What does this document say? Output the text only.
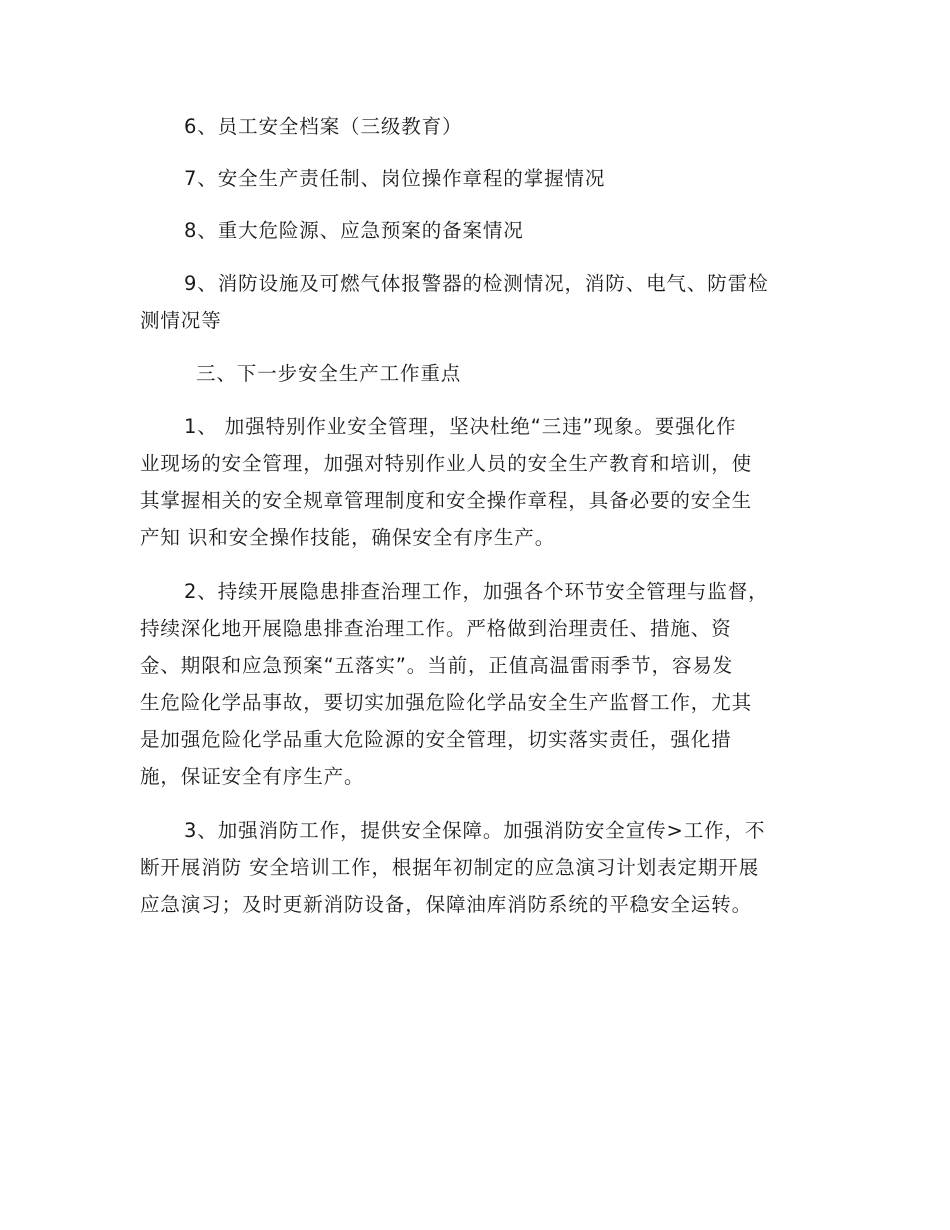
6、员工安全档案（三级教育）
7、安全生产责任制、岗位操作章程的掌握情况
8、重大危险源、应急预案的备案情况
9、消防设施及可燃气体报警器的检测情况，消防、电气、防雷检
测情况等
三、下一步安全生产工作重点
1、 加强特别作业安全管理，坚决杜绝“三违”现象。要强化作
业现场的安全管理，加强对特别作业人员的安全生产教育和培训，使
其掌握相关的安全规章管理制度和安全操作章程，具备必要的安全生
产知 识和安全操作技能，确保安全有序生产。
2、持续开展隐患排查治理工作，加强各个环节安全管理与监督，
持续深化地开展隐患排查治理工作。严格做到治理责任、措施、资
金、期限和应急预案“五落实”。当前，正值高温雷雨季节，容易发
生危险化学品事故，要切实加强危险化学品安全生产监督工作，尤其
是加强危险化学品重大危险源的安全管理，切实落实责任，强化措
施，保证安全有序生产。
3、加强消防工作，提供安全保障。加强消防安全宣传>工作，不
断开展消防 安全培训工作，根据年初制定的应急演习计划表定期开展
应急演习；及时更新消防设备，保障油库消防系统的平稳安全运转。
